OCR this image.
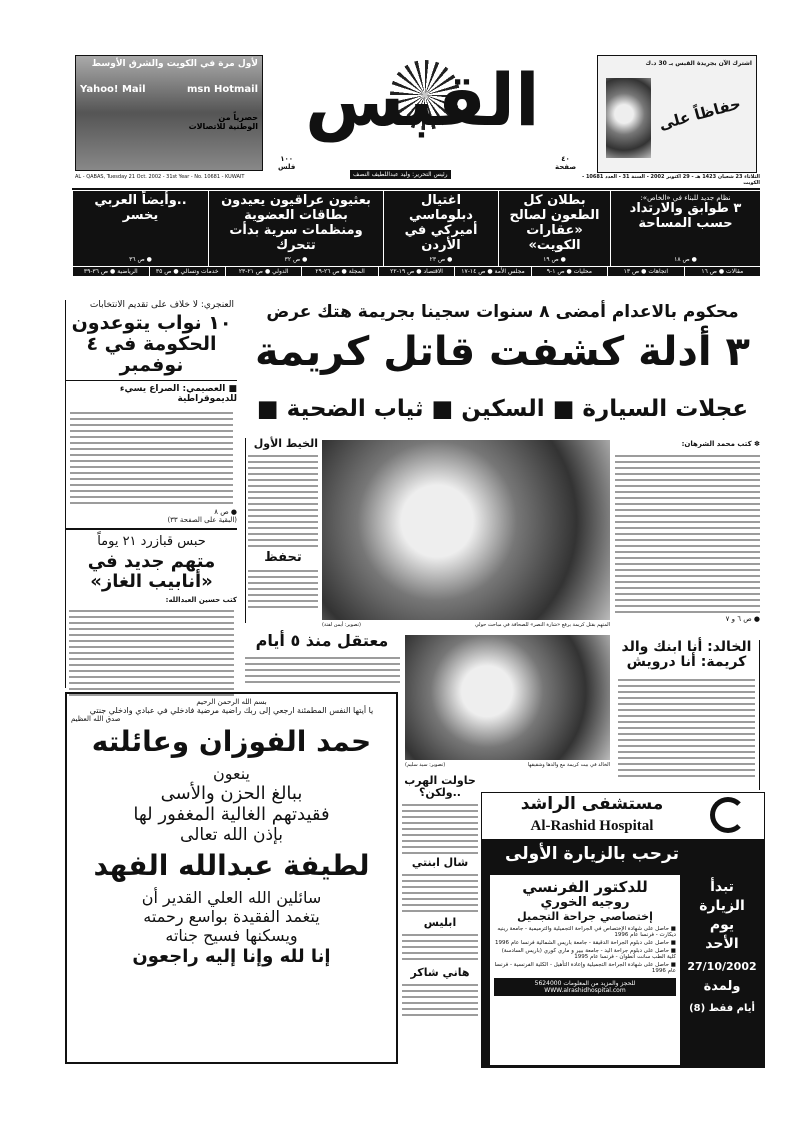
لأول مرة في الكويت والشرق الأوسط
Yahoo! Mail	msn Hotmail
حصرياً من
الوطنية للاتصالات
AL - QABAS, Tuesday 21 Oct. 2002 - 31st Year - No. 10681 - KUWAIT
القبس
١٠٠
فلس
رئيس التحرير: وليد عبداللطيف النصف
٤٠
صفحة
اشترك الآن بجريدة القبس بـ 30 د.ك
حفاظاً على
الثلاثاء 23 شعبان 1423 هـ - 29 اكتوبر 2002 - السنة 31 - العدد 10681 - الكويت
نظام جديد للبناء في «الخاص»:
٣ طوابق والارتداد حسب المساحة
● ص ١٨
بطلان كل الطعون لصالح «عقارات الكويت»
● ص ١٩
اغتيال دبلوماسي أميركي في الأردن
● ص ٢٣
بعثيون عراقيون يعيدون بطاقات العضوية ومنظمات سرية بدأت تتحرك
● ص ٣٢
..وأيضاً العربي يخسر
● ص ٣٦
مقالات ● ص ١٦
اتجاهات ● ص ١٣
محليات ● ص ١-٩
مجلس الأمة ● ص ١٤-١٧
الاقتصاد ● ص ١٩-٢٢
المجلة ● ص ٢٦-٢٩
الدولي ● ص ٢١-٢٣
خدمات وتسالي ● ص ٣٥
الرياضية ● ص ٣٦-٣٩
العنجري: لا خلاف على تقديم الانتخابات
١٠ نواب يتوعدون الحكومة في ٤ نوفمبر
■ العصيمي: الصراع يسيء للديموقراطية
● ص ٨
(البقية على الصفحة ٣٣)
حبس قبازرد ٢١ يوماً
متهم جديد في «أنابيب الغاز»
كتب حسين العبدالله:
محكوم بالاعدام أمضى ٨ سنوات سجينا بجريمة هتك عرض
٣ أدلة كشفت قاتل كريمة
■ عجلات السيارة ■ السكين ■ ثياب الضحية
الخيط الأول
تحفظ
(تصوير: أيمن لفتة)	المتهم بقتل كريمة يرفع «شارة النصر» للصحافة في مباحث حولي
✽ كتب محمد الشرهان:
● ص ٦ و ٧
معتقل منذ ٥ أيام
(تصوير: سيد سليم)	الخالد في بيت كريمة مع والدها وشقيقها
الخالد: أنا ابنك والد كريمة: أنا درويش
بسم الله الرحمن الرحيم
يا أيتها النفس المطمئنة ارجعي إلى ربك راضية مرضية فادخلي في عبادي وادخلي جنتي
صدق الله العظيم
حمد الفوزان وعائلته
ينعون
ببالغ الحزن والأسى
فقيدتهم الغالية المغفور لها
بإذن الله تعالى
لطيفة عبدالله الفهد
سائلين الله العلي القدير أن
يتغمد الفقيدة بواسع رحمته
ويسكنها فسيح جناته
إنا لله وإنا إليه راجعون
حاولت الهرب ..ولكن؟
شال ابنتي
ابليس
هاني شاكر
مستشفى الراشد
Al-Rashid Hospital
ترحب بالزيارة الأولى
للدكتور الفرنسي
روجيه الخوري
إختصاصي جراحة التجميل
■ حاصل على شهادة الإختصاص في الجراحة التجميلية والترميمية - جامعة رينيه ديكارت - فرنسا عام 1996
■ حاصل على دبلوم الجراحة الدقيقة - جامعة باريس الشمالية فرنسا عام 1996
■ حاصل على دبلوم جراحة اليد - جامعة بيير و ماري كوري (باريس السادسة) كلية الطب سانت انطوان - فرنسا عام 1995
■ حاصل على شهادة الجراحة التجميلية وإعادة التأهيل - الكلية الفرنسية - فرنسا عام 1996
للحجز والمزيد من المعلومات 5624000
WWW.alrashidhospital.com
تبدأ
الزيارة
يوم
الأحد
27/10/2002
ولمدة
(8) أيام فقط
